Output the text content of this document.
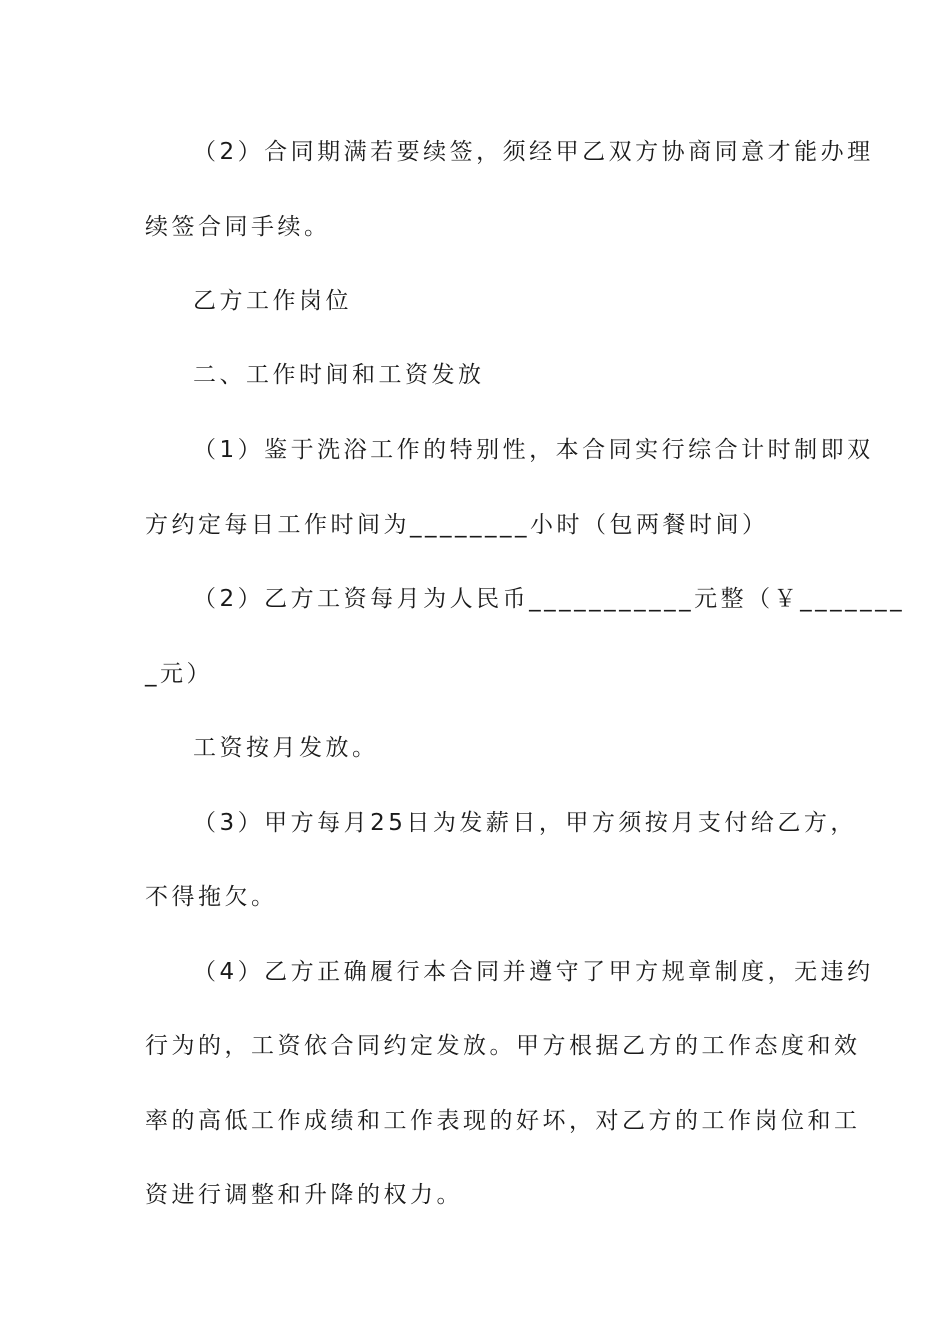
（2）合同期满若要续签，须经甲乙双方协商同意才能办理
续签合同手续。
乙方工作岗位
二、工作时间和工资发放
（1）鉴于洗浴工作的特别性，本合同实行综合计时制即双
方约定每日工作时间为________小时（包两餐时间）
（2）乙方工资每月为人民币___________元整（￥_______
_元）
工资按月发放。
（3）甲方每月25日为发薪日，甲方须按月支付给乙方，
不得拖欠。
（4）乙方正确履行本合同并遵守了甲方规章制度，无违约
行为的，工资依合同约定发放。甲方根据乙方的工作态度和效
率的高低工作成绩和工作表现的好坏，对乙方的工作岗位和工
资进行调整和升降的权力。
